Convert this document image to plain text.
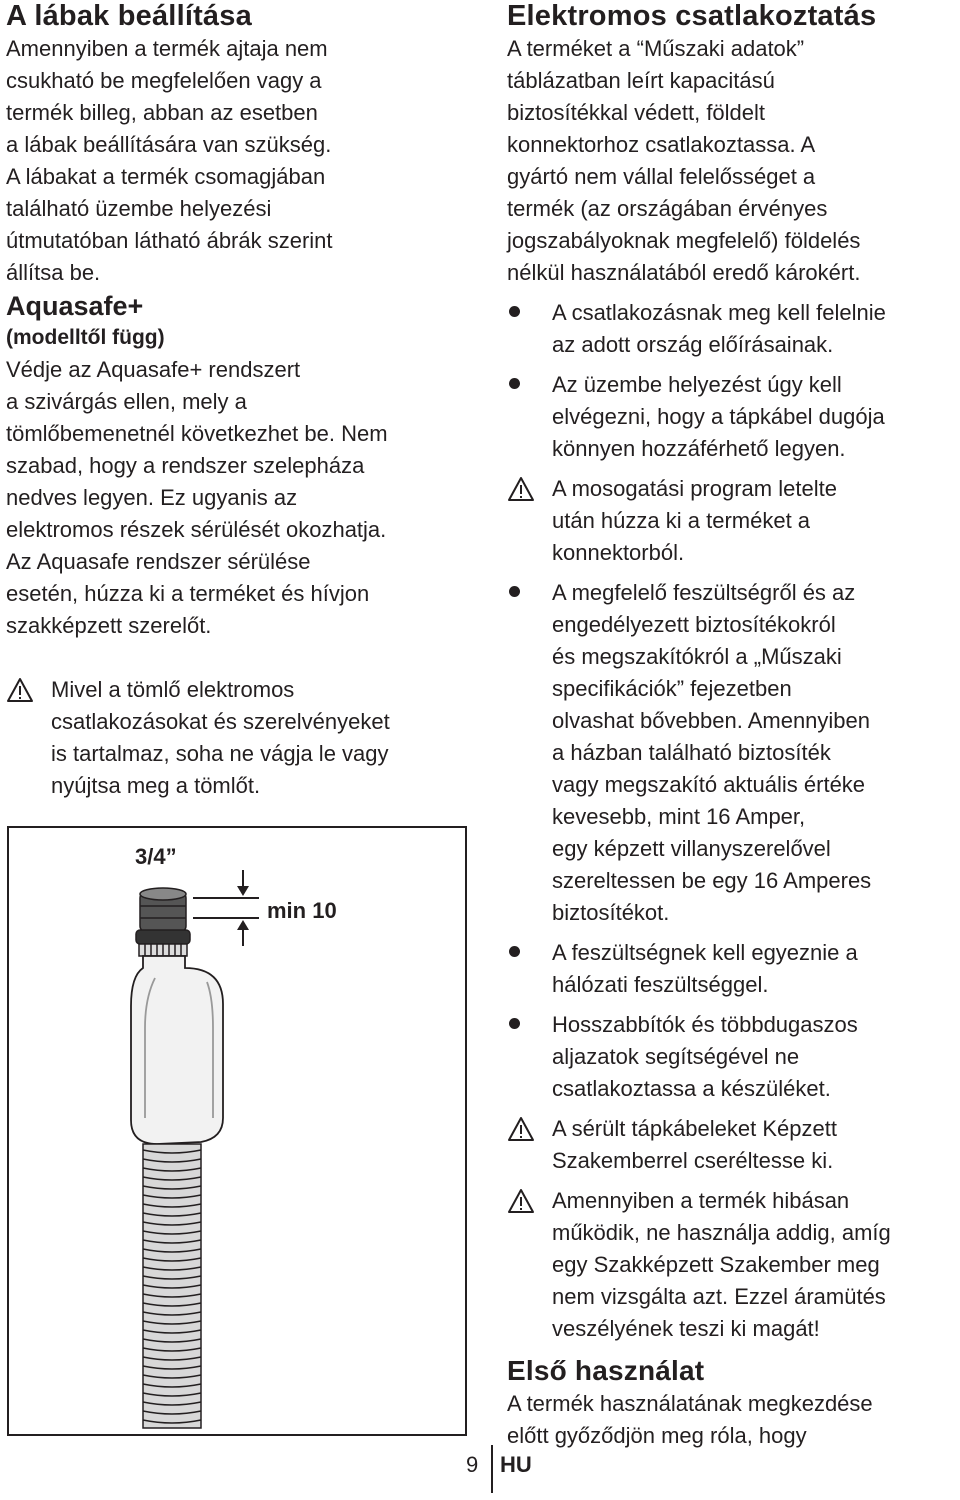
A lábak beállítása

Amennyiben a termék ajtaja nem

csukható be megfelelően vagy a

termék billeg, abban az esetben

a lábak beállítására van szükség.

A lábakat a termék csomagjában

található üzembe helyezési

útmutatóban látható ábrák szerint

állítsa be.

Aquasafe+
(modelltől függ)

Védje az Aquasafe+ rendszert

a szivárgás ellen, mely a

tömlőbemenetnél következhet be. Nem

szabad, hogy a rendszer szelepháza

nedves legyen. Ez ugyanis az

elektromos részek sérülését okozhatja.

Az Aquasafe rendszer sérülése

esetén, húzza ki a terméket és hívjon

szakképzett szerelőt.

Mivel a tömlő elektromos
csatlakozásokat és szerelvényeket
is tartalmaz, soha ne vágja le vagy
nyújtsa meg a tömlőt.
3/4”
min 10
Elektromos csatlakoztatás

A terméket a “Műszaki adatok”

táblázatban leírt kapacitású

biztosítékkal védett, földelt

konnektorhoz csatlakoztassa. A

gyártó nem vállal felelősséget a

termék (az országában érvényes

jogszabályoknak megfelelő) földelés

nélkül használatából eredő károkért.

A csatlakozásnak meg kell felelnie
az adott ország előírásainak.
Az üzembe helyezést úgy kell
elvégezni, hogy a tápkábel dugója
könnyen hozzáférhető legyen.
A mosogatási program letelte
után húzza ki a terméket a
konnektorból.
A megfelelő feszültségről és az
engedélyezett biztosítékokról
és megszakítókról a „Műszaki
specifikációk” fejezetben
olvashat bővebben. Amennyiben
a házban található biztosíték
vagy megszakító aktuális értéke
kevesebb, mint 16 Amper,
egy képzett villanyszerelővel
szereltessen be egy 16 Amperes
biztosítékot.
A feszültségnek kell egyeznie a
hálózati feszültséggel.
Hosszabbítók és többdugaszos
aljazatok segítségével ne
csatlakoztassa a készüléket.
A sérült tápkábeleket Képzett
Szakemberrel cseréltesse ki.
Amennyiben a termék hibásan
működik, ne használja addig, amíg
egy Szakképzett Szakember meg
nem vizsgálta azt. Ezzel áramütés
veszélyének teszi ki magát!
Első használat

A termék használatának megkezdése

előtt győződjön meg róla, hogy

9 HU
